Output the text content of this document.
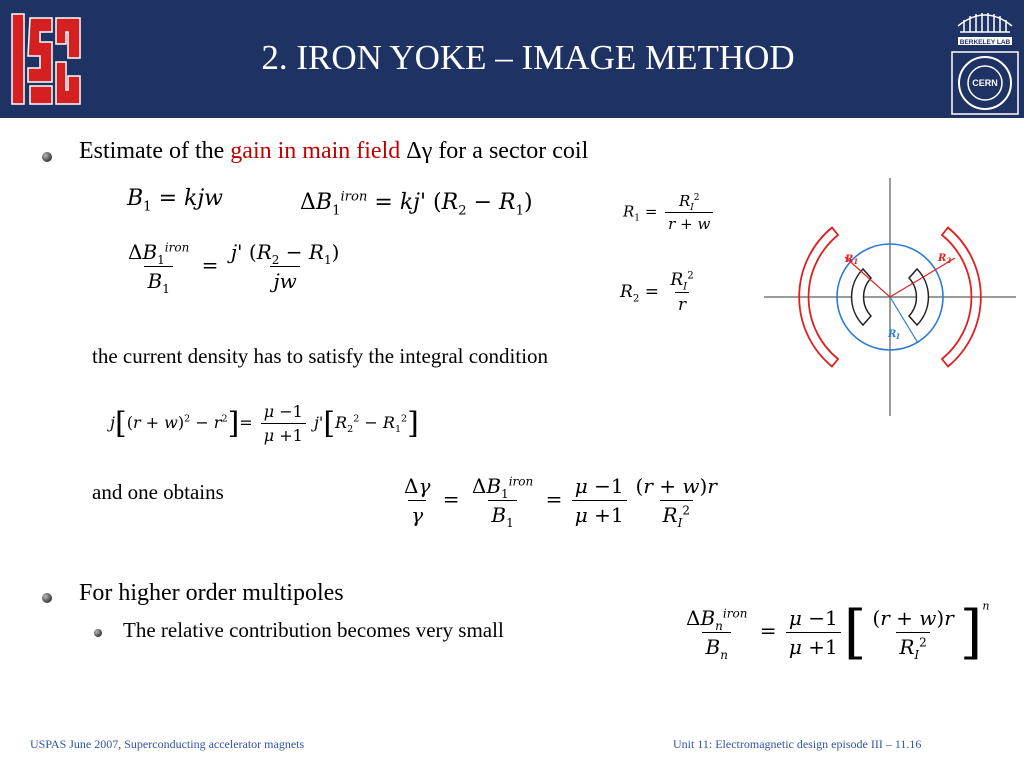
BERKELEY LAB
CERN
2. IRON YOKE – IMAGE METHOD
Estimate of the gain in main field Δγ for a sector coil
$B_1$ = kjw	$\Delta B_1^{iron} = kj'$ $(R_2 - R_1)$
$\frac{\Delta B_1^{iron}}{B_1} = \frac{j' (R_2 - R_1)}{jw}$
$R_1 = \frac{R_I^2}{r + w}$
$R_2 = \frac{R_I^2}{r}$
$R_1$	$R_2$
$R_I$
the current density has to satisfy the integral condition
$j[(r + w)^2 - r^2]= \frac{\mu -1}{\mu +1} j'[R_2^2 - R_1^2]$
and one obtains	$\frac{\Delta\gamma}{\gamma} = \frac{\Delta B_1^{iron}}{B_1} = \frac{\mu -1}{\mu +1} \frac{(r + w)r}{R_I^2}$
For higher order multipoles
The relative contribution becomes very small	$\frac{\Delta B_n^{iron}}{B_n} = \frac{\mu -1}{\mu +1}$ [ $\frac{(r + w)r}{R_I^2} ]^n$
USPAS June 2007, Superconducting accelerator magnets	Unit 11: Electromagnetic design episode III – 11.16
